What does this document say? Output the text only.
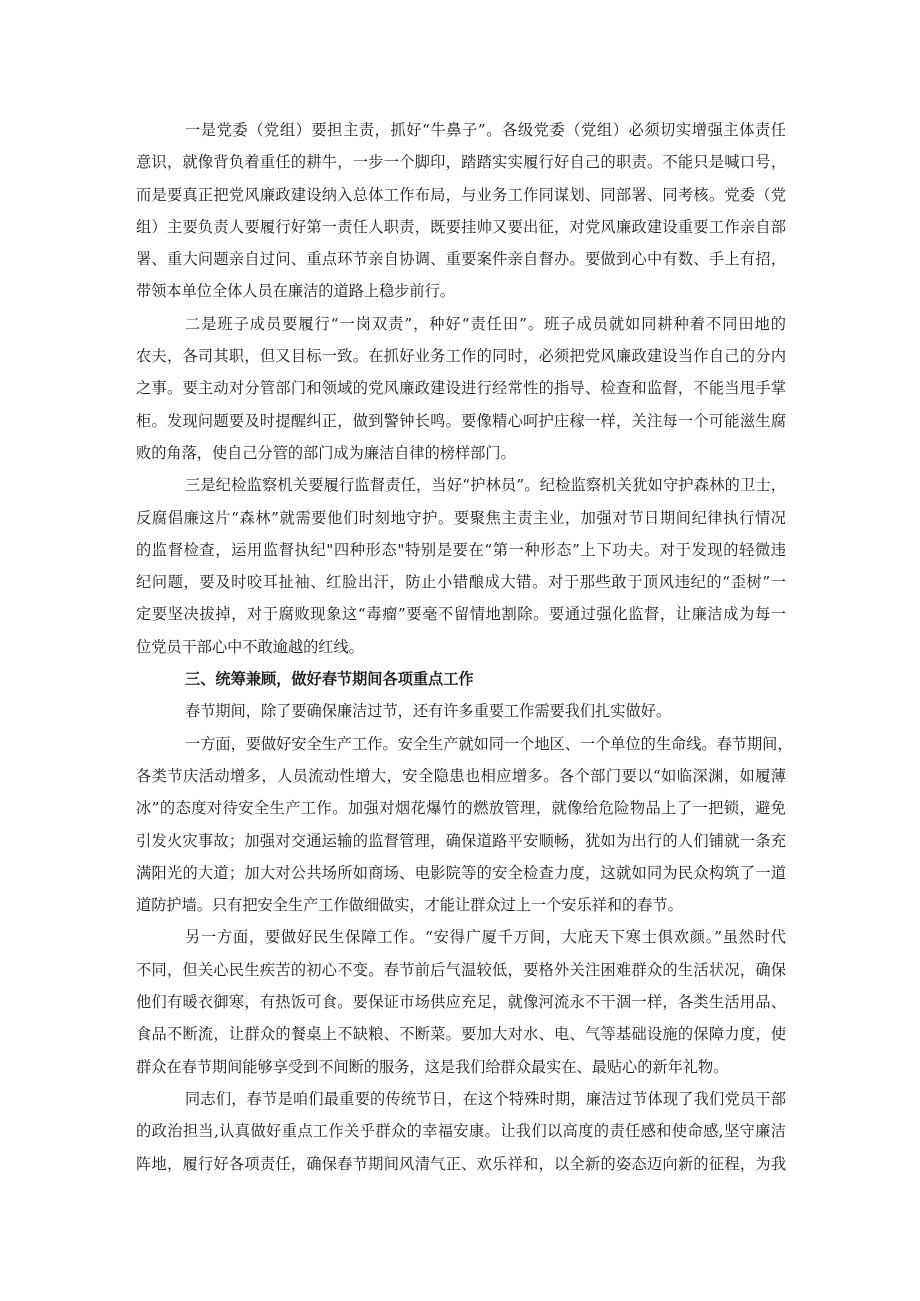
一是党委（党组）要担主责，抓好“牛鼻子”。各级党委（党组）必须切实增强主体责任
意识，就像背负着重任的耕牛，一步一个脚印，踏踏实实履行好自己的职责。不能只是喊口号，
而是要真正把党风廉政建设纳入总体工作布局，与业务工作同谋划、同部署、同考核。党委（党
组）主要负责人要履行好第一责任人职责，既要挂帅又要出征，对党风廉政建设重要工作亲自部
署、重大问题亲自过问、重点环节亲自协调、重要案件亲自督办。要做到心中有数、手上有招，
带领本单位全体人员在廉洁的道路上稳步前行。
二是班子成员要履行“一岗双责”，种好“责任田”。班子成员就如同耕种着不同田地的
农夫，各司其职，但又目标一致。在抓好业务工作的同时，必须把党风廉政建设当作自己的分内
之事。要主动对分管部门和领域的党风廉政建设进行经常性的指导、检查和监督，不能当甩手掌
柜。发现问题要及时提醒纠正，做到警钟长鸣。要像精心呵护庄稼一样，关注每一个可能滋生腐
败的角落，使自己分管的部门成为廉洁自律的榜样部门。
三是纪检监察机关要履行监督责任，当好“护林员”。纪检监察机关犹如守护森林的卫士，
反腐倡廉这片“森林”就需要他们时刻地守护。要聚焦主责主业，加强对节日期间纪律执行情况
的监督检查，运用监督执纪"四种形态"特别是要在“第一种形态”上下功夫。对于发现的轻微违
纪问题，要及时咬耳扯袖、红脸出汗，防止小错酿成大错。对于那些敢于顶风违纪的“歪树”一
定要坚决拔掉，对于腐败现象这“毒瘤”要毫不留情地割除。要通过强化监督，让廉洁成为每一
位党员干部心中不敢逾越的红线。
三、统筹兼顾，做好春节期间各项重点工作
春节期间，除了要确保廉洁过节，还有许多重要工作需要我们扎实做好。
一方面，要做好安全生产工作。安全生产就如同一个地区、一个单位的生命线。春节期间，
各类节庆活动增多，人员流动性增大，安全隐患也相应增多。各个部门要以“如临深渊，如履薄
冰”的态度对待安全生产工作。加强对烟花爆竹的燃放管理，就像给危险物品上了一把锁，避免
引发火灾事故；加强对交通运输的监督管理，确保道路平安顺畅，犹如为出行的人们铺就一条充
满阳光的大道；加大对公共场所如商场、电影院等的安全检查力度，这就如同为民众构筑了一道
道防护墙。只有把安全生产工作做细做实，才能让群众过上一个安乐祥和的春节。
另一方面，要做好民生保障工作。“安得广厦千万间，大庇天下寒士俱欢颜。”虽然时代
不同，但关心民生疾苦的初心不变。春节前后气温较低，要格外关注困难群众的生活状况，确保
他们有暖衣御寒，有热饭可食。要保证市场供应充足，就像河流永不干涸一样，各类生活用品、
食品不断流，让群众的餐桌上不缺粮、不断菜。要加大对水、电、气等基础设施的保障力度，使
群众在春节期间能够享受到不间断的服务，这是我们给群众最实在、最贴心的新年礼物。
同志们，春节是咱们最重要的传统节日，在这个特殊时期，廉洁过节体现了我们党员干部
的政治担当,认真做好重点工作关乎群众的幸福安康。让我们以高度的责任感和使命感,坚守廉洁
阵地，履行好各项责任，确保春节期间风清气正、欢乐祥和，以全新的姿态迈向新的征程，为我
